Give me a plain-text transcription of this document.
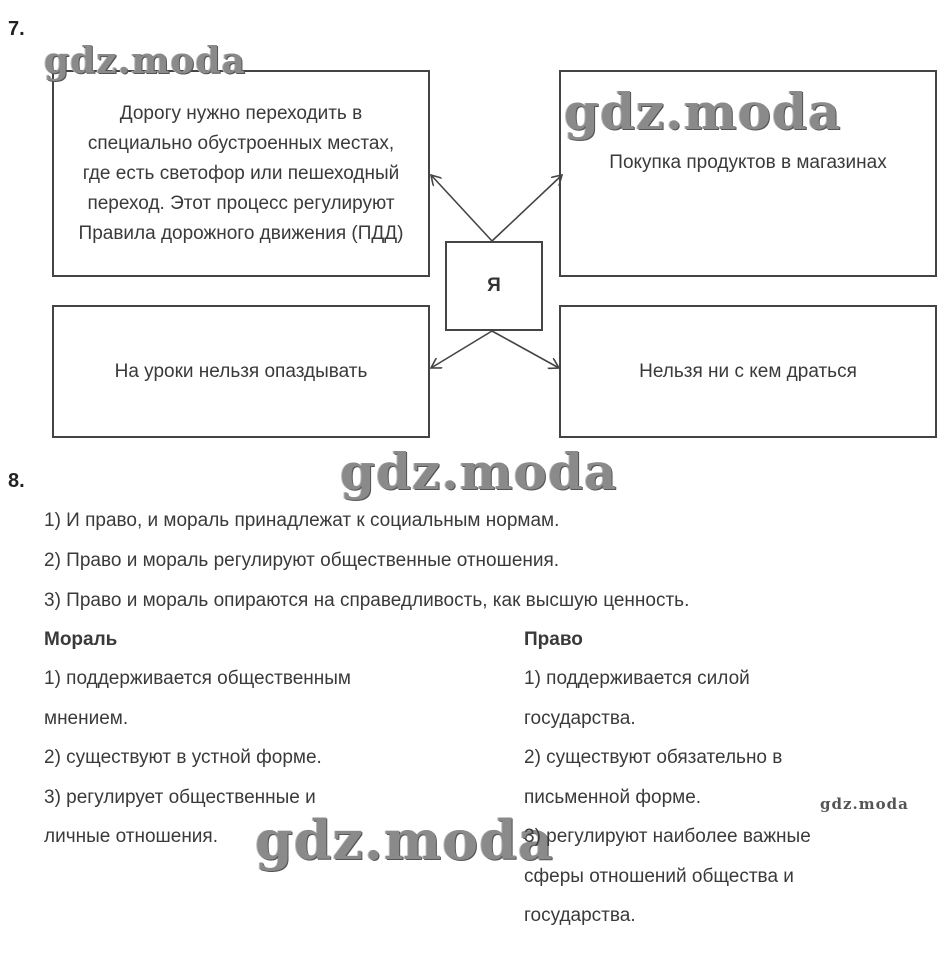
7.
Дорогу нужно переходить в специально обустроенных местах, где есть светофор или пешеходный переход. Этот процесс регулируют Правила дорожного движения (ПДД)
Покупка продуктов в магазинах
Я
На уроки нельзя опаздывать	Нельзя ни с кем драться
gdz.moda
gdz.moda
gdz.moda
gdz.moda
gdz.moda
8.
1) И право, и мораль принадлежат к социальным нормам.
2) Право и мораль регулируют общественные отношения.
3) Право и мораль опираются на справедливость, как высшую ценность.
Мораль	Право
1) поддерживается общественным
мнением.
2) существуют в устной форме.
3) регулирует общественные и
личные отношения.
1) поддерживается силой
государства.
2) существуют обязательно в
письменной форме.
3) регулируют наиболее важные
сферы отношений общества и
государства.
